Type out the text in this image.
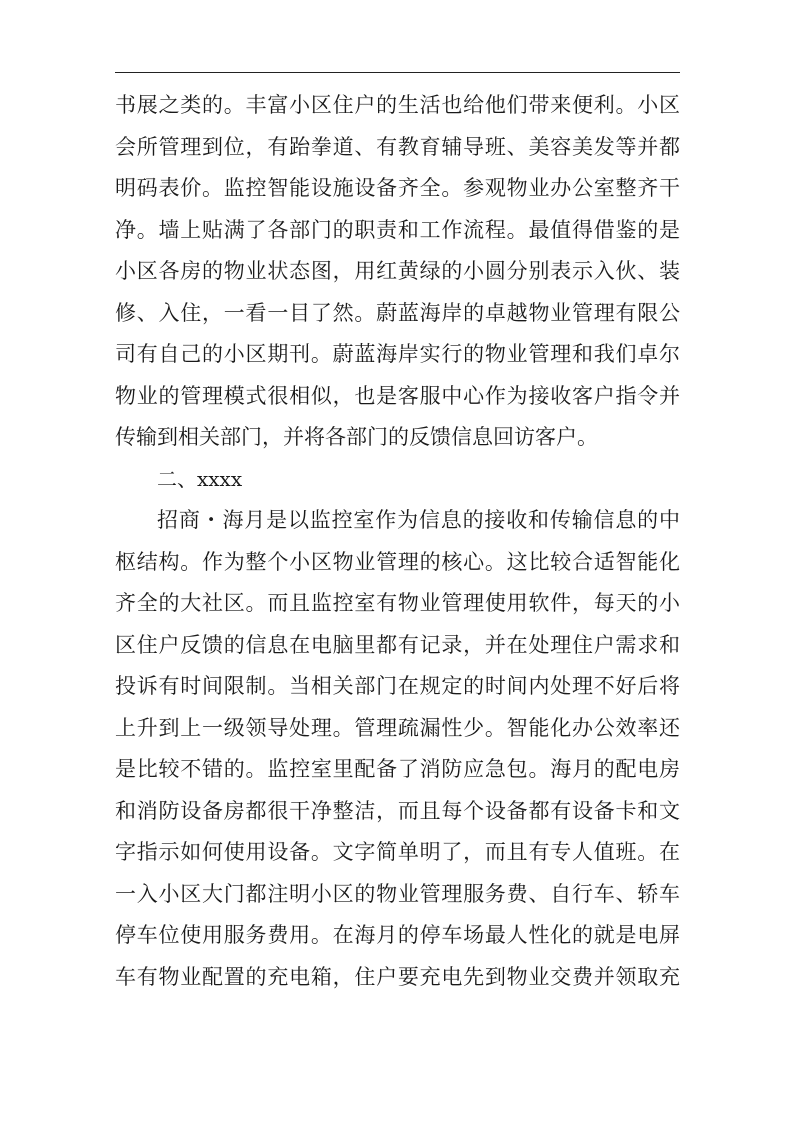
书展之类的。丰富小区住户的生活也给他们带来便利。小区
会所管理到位，有跆拳道、有教育辅导班、美容美发等并都
明码表价。监控智能设施设备齐全。参观物业办公室整齐干
净。墙上贴满了各部门的职责和工作流程。最值得借鉴的是
小区各房的物业状态图，用红黄绿的小圆分别表示入伙、装
修、入住，一看一目了然。蔚蓝海岸的卓越物业管理有限公
司有自己的小区期刊。蔚蓝海岸实行的物业管理和我们卓尔
物业的管理模式很相似，也是客服中心作为接收客户指令并
传输到相关部门，并将各部门的反馈信息回访客户。
二、xxxx
招商・海月是以监控室作为信息的接收和传输信息的中
枢结构。作为整个小区物业管理的核心。这比较合适智能化
齐全的大社区。而且监控室有物业管理使用软件，每天的小
区住户反馈的信息在电脑里都有记录，并在处理住户需求和
投诉有时间限制。当相关部门在规定的时间内处理不好后将
上升到上一级领导处理。管理疏漏性少。智能化办公效率还
是比较不错的。监控室里配备了消防应急包。海月的配电房
和消防设备房都很干净整洁，而且每个设备都有设备卡和文
字指示如何使用设备。文字简单明了，而且有专人值班。在
一入小区大门都注明小区的物业管理服务费、自行车、轿车
停车位使用服务费用。在海月的停车场最人性化的就是电屏
车有物业配置的充电箱，住户要充电先到物业交费并领取充
